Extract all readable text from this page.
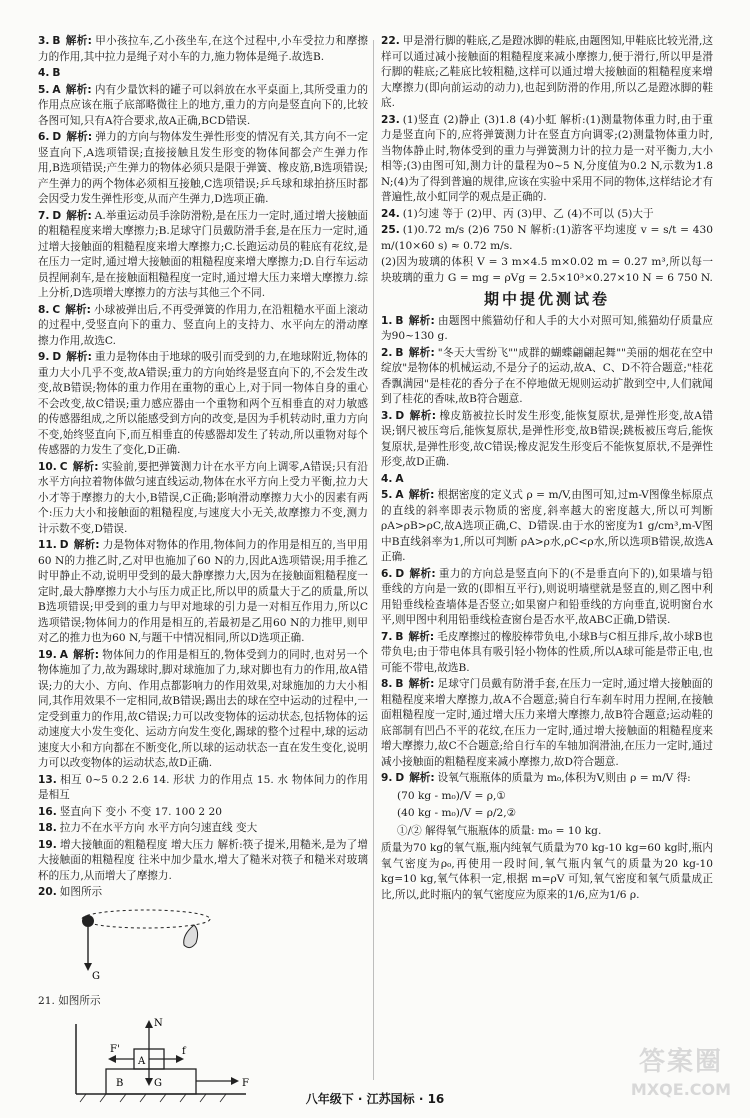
3. B 解析: 甲小孩拉车,乙小孩坐车,在这个过程中,小车受拉力和摩擦力的作用,其中拉力是绳子对小车的力,施力物体是绳子.故选B.
4. B
5. A 解析: 内有少量饮料的罐子可以斜放在水平桌面上,其所受重力的作用点应该在瓶子底部略微往上的地方,重力的方向是竖直向下的,比较各图可知,只有A符合要求,故A正确,BCD错误.
6. D 解析: 弹力的方向与物体发生弹性形变的情况有关,其方向不一定竖直向下,A选项错误;直接接触且发生形变的物体间都会产生弹力作用,B选项错误;产生弹力的物体必须只是限于弹簧、橡皮筋,B选项错误;产生弹力的两个物体必须相互接触,C选项错误;乒乓球和球拍挤压时都会因受力发生弹性形变,从而产生弹力,D选项正确.
7. D 解析: A.举重运动员手涂防滑粉,是在压力一定时,通过增大接触面的粗糙程度来增大摩擦力;B.足球守门员戴防滑手套,是在压力一定时,通过增大接触面的粗糙程度来增大摩擦力;C.长跑运动员的鞋底有花纹,是在压力一定时,通过增大接触面的粗糙程度来增大摩擦力;D.自行车运动员捏闸刹车,是在接触面粗糙程度一定时,通过增大压力来增大摩擦力.综上分析,D选项增大摩擦力的方法与其他三个不同.
8. C 解析: 小球被弹出后,不再受弹簧的作用力,在沿粗糙水平面上滚动的过程中,受竖直向下的重力、竖直向上的支持力、水平向左的滑动摩擦力作用,故选C.
9. D 解析: 重力是物体由于地球的吸引而受到的力,在地球附近,物体的重力大小几乎不变,故A错误;重力的方向始终是竖直向下的,不会发生改变,故B错误;物体的重力作用在重物的重心上,对于同一物体自身的重心不会改变,故C错误;重力感应器由一个重物和两个互相垂直的对力敏感的传感器组成,之所以能感受到方向的改变,是因为手机转动时,重力方向不变,始终竖直向下,而互相垂直的传感器却发生了转动,所以重物对每个传感器的力发生了变化,D正确.
10. C 解析: 实验前,要把弹簧测力计在水平方向上调零,A错误;只有沿水平方向拉着物体做匀速直线运动,物体在水平方向上受力平衡,拉力大小才等于摩擦力的大小,B错误,C正确;影响滑动摩擦力大小的因素有两个:压力大小和接触面的粗糙程度,与速度大小无关,故摩擦力不变,测力计示数不变,D错误.
11. D 解析: 力是物体对物体的作用,物体间力的作用是相互的,当甲用60 N的力推乙时,乙对甲也施加了60 N的力,因此A选项错误;用手推乙时甲静止不动,说明甲受到的最大静摩擦力大,因为在接触面粗糙程度一定时,最大静摩擦力大小与压力成正比,所以甲的质量大于乙的质量,所以B选项错误;甲受到的重力与甲对地球的引力是一对相互作用力,所以C选项错误;物体间力的作用是相互的,若最初是乙用60 N的力推甲,则甲对乙的推力也为60 N,与题干中情况相同,所以D选项正确.
19. A 解析: 物体间力的作用是相互的,物体受到力的同时,也对另一个物体施加了力,故为踢球时,脚对球施加了力,球对脚也有力的作用,故A错误;力的大小、方向、作用点都影响力的作用效果,对球施加的力大小相同,其作用效果不一定相同,故B错误;踢出去的球在空中运动的过程中,一定受到重力的作用,故C错误;力可以改变物体的运动状态,包括物体的运动速度大小发生变化、运动方向发生变化,踢球的整个过程中,球的运动速度大小和方向都在不断变化,所以球的运动状态一直在发生变化,说明力可以改变物体的运动状态,故D正确.
13. 相互 0~5 0.2 2.6 14. 形状 力的作用点 15. 水 物体间力的作用是相互
16. 竖直向下 变小 不变 17. 100 2 20
18. 拉力不在水平方向 水平方向匀速直线 变大
19. 增大接触面的粗糙程度 增大压力 解析:筷子提米,用糙米,是为了增大接触面的粗糙程度 往米中加少量水,增大了糙米对筷子和糙米对玻璃杯的压力,从而增大了摩擦力.
20. 如图所示
G
21. 如图所示
F'
N
f
A
B	G	F
22. 甲是滑行脚的鞋底,乙是蹬冰脚的鞋底,由题图知,甲鞋底比较光滑,这样可以通过减小接触面的粗糙程度来减小摩擦力,便于滑行,所以甲是滑行脚的鞋底;乙鞋底比较粗糙,这样可以通过增大接触面的粗糙程度来增大摩擦力(即向前运动的动力),也起到防滑的作用,所以乙是蹬冰脚的鞋底.
23. (1)竖直 (2)静止 (3)1.8 (4)小虹 解析:(1)测量物体重力时,由于重力是竖直向下的,应将弹簧测力计在竖直方向调零;(2)测量物体重力时,当物体静止时,物体受到的重力与弹簧测力计的拉力是一对平衡力,大小相等;(3)由图可知,测力计的量程为0~5 N,分度值为0.2 N,示数为1.8 N;(4)为了得到普遍的规律,应该在实验中采用不同的物体,这样结论才有普遍性,故小虹同学的观点是正确的.
24. (1)匀速 等于 (2)甲、丙 (3)甲、乙 (4)不可以 (5)大于
25. (1)0.72 m/s (2)6 750 N 解析:(1)游客平均速度 v = s/t = 430 m/(10×60 s) ≈ 0.72 m/s.
(2)因为玻璃的体积 V = 3 m×4.5 m×0.02 m = 0.27 m³,所以每一块玻璃的重力 G = mg = ρVg = 2.5×10³×0.27×10 N = 6 750 N.
期中提优测试卷
1. B 解析: 由题图中熊猫幼仔和人手的大小对照可知,熊猫幼仔质量应为90~130 g.
2. B 解析: "冬天大雪纷飞""成群的蝴蝶翩翩起舞""美丽的烟花在空中绽放"是物体的机械运动,不是分子的运动,故A、C、D不符合题意;"桂花香飘满园"是桂花的香分子在不停地做无规则运动扩散到空中,人们就闻到了桂花的香味,故B符合题意.
3. D 解析: 橡皮筋被拉长时发生形变,能恢复原状,是弹性形变,故A错误;钢尺被压弯后,能恢复原状,是弹性形变,故B错误;跳板被压弯后,能恢复原状,是弹性形变,故C错误;橡皮泥发生形变后不能恢复原状,不是弹性形变,故D正确.
4. A
5. A 解析: 根据密度的定义式 ρ = m/V,由图可知,过m-V图像坐标原点的直线的斜率即表示物质的密度,斜率越大的密度越大,所以可判断 ρA>ρB>ρC,故A选项正确,C、D错误.由于水的密度为1 g/cm³,m-V图中B直线斜率为1,所以可判断 ρA>ρ水,ρC<ρ水,所以选项B错误,故选A正确.
6. D 解析: 重力的方向总是竖直向下的(不是垂直向下的),如果墙与铅垂线的方向是一致的(即相互平行),则说明墙壁就是竖直的,则乙图中利用铅垂线检查墙体是否竖立;如果窗户和铅垂线的方向垂直,说明窗台水平,则甲图中利用铅垂线检查窗台是否水平,故ABC正确,D错误.
7. B 解析: 毛皮摩擦过的橡胶棒带负电,小球B与C相互排斥,故小球B也带负电;由于带电体具有吸引轻小物体的性质,所以A球可能是带正电,也可能不带电,故选B.
8. B 解析: 足球守门员戴有防滑手套,在压力一定时,通过增大接触面的粗糙程度来增大摩擦力,故A不合题意;骑自行车刹车时用力捏闸,在接触面粗糙程度一定时,通过增大压力来增大摩擦力,故B符合题意;运动鞋的底部制有凹凸不平的花纹,在压力一定时,通过增大接触面的粗糙程度来增大摩擦力,故C不合题意;给自行车的车轴加润滑油,在压力一定时,通过减小接触面的粗糙程度来减小摩擦力,故D符合题意.
9. D 解析: 设氧气瓶瓶体的质量为 m₀,体积为V,则由 ρ = m/V 得:
(70 kg - m₀)/V = ρ,①
(40 kg - m₀)/V = ρ/2,②
①/② 解得氧气瓶瓶体的质量: m₀ = 10 kg.
质量为70 kg的氧气瓶,瓶内纯氧气质量为70 kg-10 kg=60 kg时,瓶内氧气密度为ρ₀,再使用一段时间,氧气瓶内氧气的质量为20 kg-10 kg=10 kg,氧气体积一定,根据 m=ρV 可知,氧气密度和氧气质量成正比,所以,此时瓶内的氧气密度应为原来的1/6,应为1/6 ρ.
八年级下 · 江苏国标 · 16
答案圈
MXQE.COM
